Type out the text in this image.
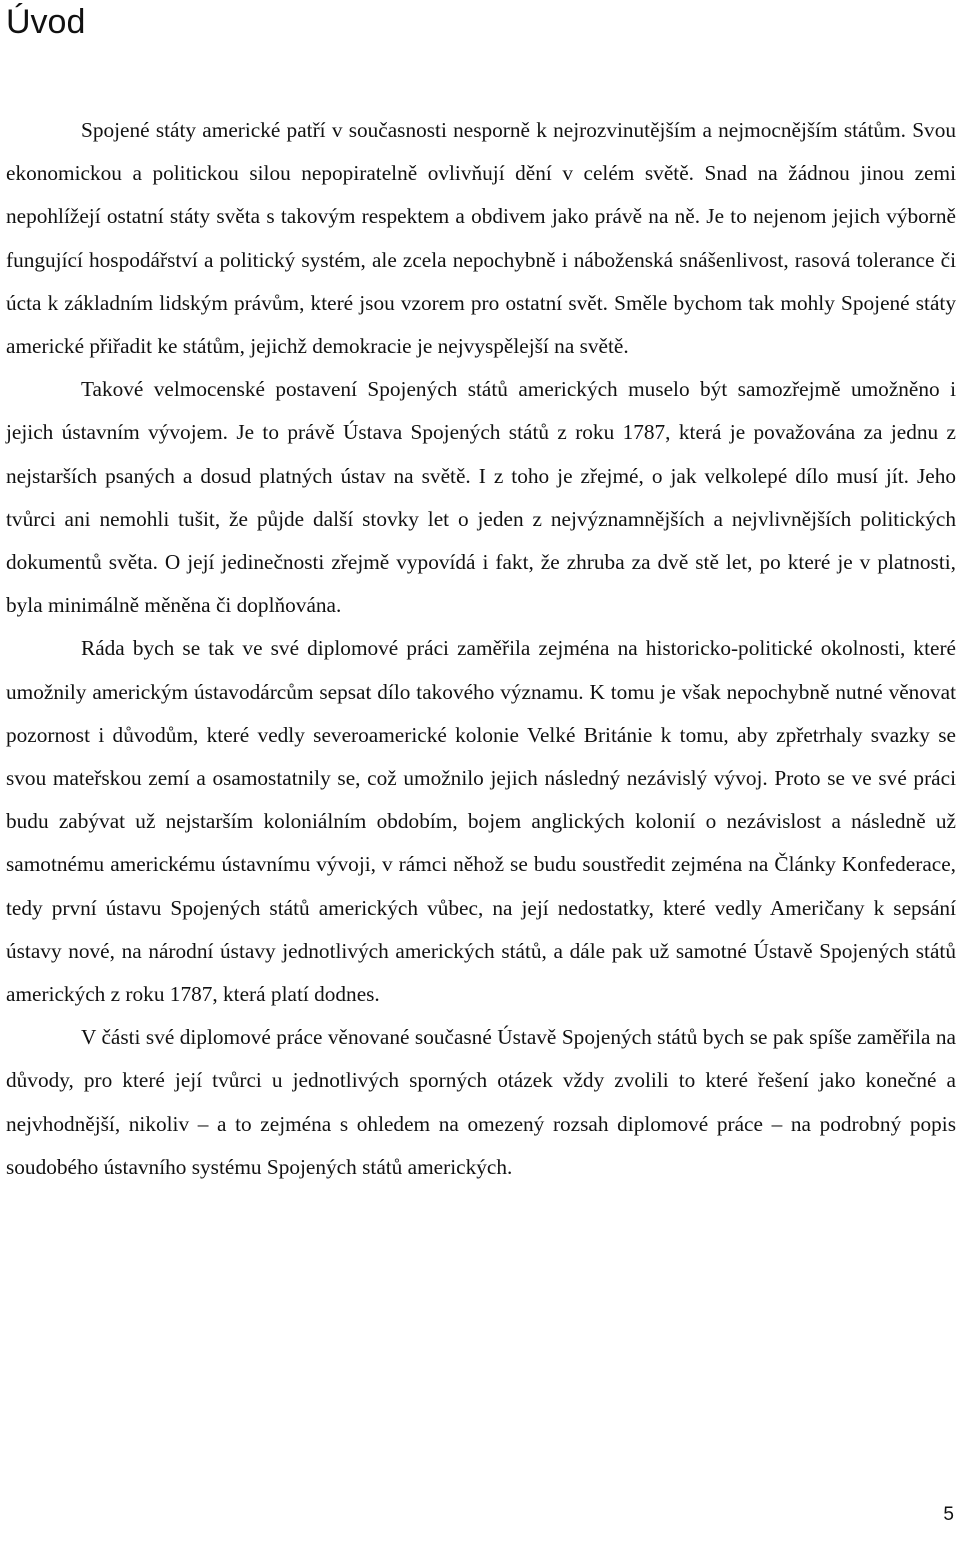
Úvod

Spojené státy americké patří v současnosti nesporně k nejrozvinutějším a nejmocnějším státům. Svou ekonomickou a politickou silou nepopiratelně ovlivňují dění v celém světě. Snad na žádnou jinou zemi nepohlížejí ostatní státy světa s takovým respektem a obdivem jako právě na ně. Je to nejenom jejich výborně fungující hospodářství a politický systém, ale zcela nepochybně i náboženská snášenlivost, rasová tolerance či úcta k základním lidským právům, které jsou vzorem pro ostatní svět. Směle bychom tak mohly Spojené státy americké přiřadit ke státům, jejichž demokracie je nejvyspělejší na světě.

Takové velmocenské postavení Spojených států amerických muselo být samozřejmě umožněno i jejich ústavním vývojem. Je to právě Ústava Spojených států z roku 1787, která je považována za jednu z nejstarších psaných a dosud platných ústav na světě. I z toho je zřejmé, o jak velkolepé dílo musí jít. Jeho tvůrci ani nemohli tušit, že půjde další stovky let o jeden z nejvýznamnějších a nejvlivnějších politických dokumentů světa. O její jedinečnosti zřejmě vypovídá i fakt, že zhruba za dvě stě let, po které je v platnosti, byla minimálně měněna či doplňována.

Ráda bych se tak ve své diplomové práci zaměřila zejména na historicko-politické okolnosti, které umožnily americkým ústavodárcům sepsat dílo takového významu. K tomu je však nepochybně nutné věnovat pozornost i důvodům, které vedly severoamerické kolonie Velké Británie k tomu, aby zpřetrhaly svazky se svou mateřskou zemí a osamostatnily se, což umožnilo jejich následný nezávislý vývoj. Proto se ve své práci budu zabývat už nejstarším koloniálním obdobím, bojem anglických kolonií o nezávislost a následně už samotnému americkému ústavnímu vývoji, v rámci něhož se budu soustředit zejména na Články Konfederace, tedy první ústavu Spojených států amerických vůbec, na její nedostatky, které vedly Američany k sepsání ústavy nové, na národní ústavy jednotlivých amerických států, a dále pak už samotné Ústavě Spojených států amerických z roku 1787, která platí dodnes.

V části své diplomové práce věnované současné Ústavě Spojených států bych se pak spíše zaměřila na důvody, pro které její tvůrci u jednotlivých sporných otázek vždy zvolili to které řešení jako konečné a nejvhodnější, nikoliv – a to zejména s ohledem na omezený rozsah diplomové práce – na podrobný popis soudobého ústavního systému Spojených států amerických.

5
